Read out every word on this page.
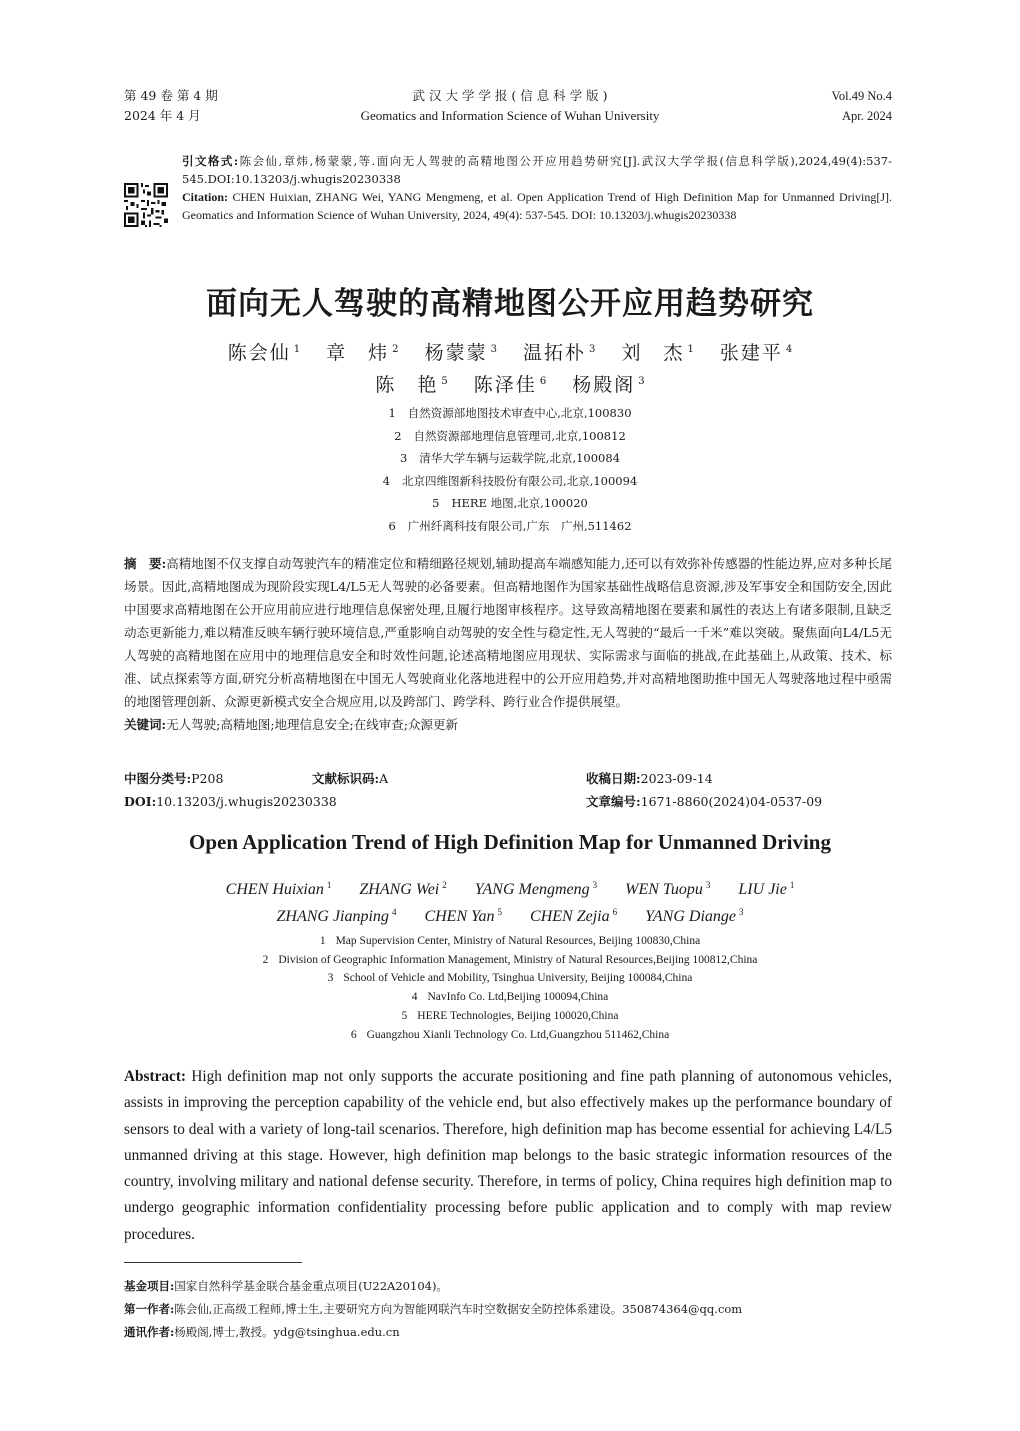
第 49 卷 第 4 期
2024 年 4 月
武 汉 大 学 学 报 ( 信 息 科 学 版 )
Geomatics and Information Science of Wuhan University
Vol.49 No.4
Apr. 2024

引文格式:陈会仙,章炜,杨蒙蒙,等.面向无人驾驶的高精地图公开应用趋势研究[J].武汉大学学报(信息科学版),2024,49(4):537-545.DOI:10.13203/j.whugis20230338

Citation: CHEN Huixian, ZHANG Wei, YANG Mengmeng, et al. Open Application Trend of High Definition Map for Unmanned Driving[J]. Geomatics and Information Science of Wuhan University, 2024, 49(4): 537-545. DOI: 10.13203/j.whugis20230338

面向无人驾驶的高精地图公开应用趋势研究
陈会仙 $^1$ 章　炜 $^2$ 杨蒙蒙 $^3$ 温拓朴 $^3$ 刘　杰 $^1$ 张建平 $^4$
陈　艳 $^5$ 陈泽佳 $^6$ 杨殿阁 $^3$
1 自然资源部地图技术审查中心,北京,100830
2 自然资源部地理信息管理司,北京,100812
3 清华大学车辆与运载学院,北京,100084
4 北京四维图新科技股份有限公司,北京,100094
5 HERE 地图,北京,100020
6 广州纤离科技有限公司,广东　广州,511462

摘　要:高精地图不仅支撑自动驾驶汽车的精准定位和精细路径规划,辅助提高车端感知能力,还可以有效弥补传感器的性能边界,应对多种长尾场景。因此,高精地图成为现阶段实现L4/L5无人驾驶的必备要素。但高精地图作为国家基础性战略信息资源,涉及军事安全和国防安全,因此中国要求高精地图在公开应用前应进行地理信息保密处理,且履行地图审核程序。这导致高精地图在要素和属性的表达上有诸多限制,且缺乏动态更新能力,难以精准反映车辆行驶环境信息,严重影响自动驾驶的安全性与稳定性,无人驾驶的“最后一千米”难以突破。聚焦面向L4/L5无人驾驶的高精地图在应用中的地理信息安全和时效性问题,论述高精地图应用现状、实际需求与面临的挑战,在此基础上,从政策、技术、标准、试点探索等方面,研究分析高精地图在中国无人驾驶商业化落地进程中的公开应用趋势,并对高精地图助推中国无人驾驶落地过程中亟需的地图管理创新、众源更新模式安全合规应用,以及跨部门、跨学科、跨行业合作提供展望。

关键词:无人驾驶;高精地图;地理信息安全;在线审查;众源更新

中图分类号:P208	文献标识码:A	收稿日期:2023-09-14
DOI:10.13203/j.whugis20230338	文章编号:1671-8860(2024)04-0537-09
Open Application Trend of High Definition Map for Unmanned Driving
CHEN Huixian $^1$ ZHANG Wei $^2$ YANG Mengmeng $^3$ WEN Tuopu $^3$ LIU Jie $^1$
ZHANG Jianping $^4$ CHEN Yan $^5$ CHEN Zejia $^6$ YANG Diange $^3$
1 Map Supervision Center, Ministry of Natural Resources, Beijing 100830,China
2 Division of Geographic Information Management, Ministry of Natural Resources,Beijing 100812,China
3 School of Vehicle and Mobility, Tsinghua University, Beijing 100084,China
4 NavInfo Co. Ltd,Beijing 100094,China
5 HERE Technologies, Beijing 100020,China
6 Guangzhou Xianli Technology Co. Ltd,Guangzhou 511462,China

Abstract: High definition map not only supports the accurate positioning and fine path planning of autonomous vehicles, assists in improving the perception capability of the vehicle end, but also effectively makes up the performance boundary of sensors to deal with a variety of long-tail scenarios. Therefore, high definition map has become essential for achieving L4/L5 unmanned driving at this stage. However, high definition map belongs to the basic strategic information resources of the country, involving military and national defense security. Therefore, in terms of policy, China requires high definition map to undergo geographic information confidentiality processing before public application and to comply with map review procedures.

基金项目:国家自然科学基金联合基金重点项目(U22A20104)。

第一作者:陈会仙,正高级工程师,博士生,主要研究方向为智能网联汽车时空数据安全防控体系建设。350874364@qq.com

通讯作者:杨殿阁,博士,教授。ydg@tsinghua.edu.cn
